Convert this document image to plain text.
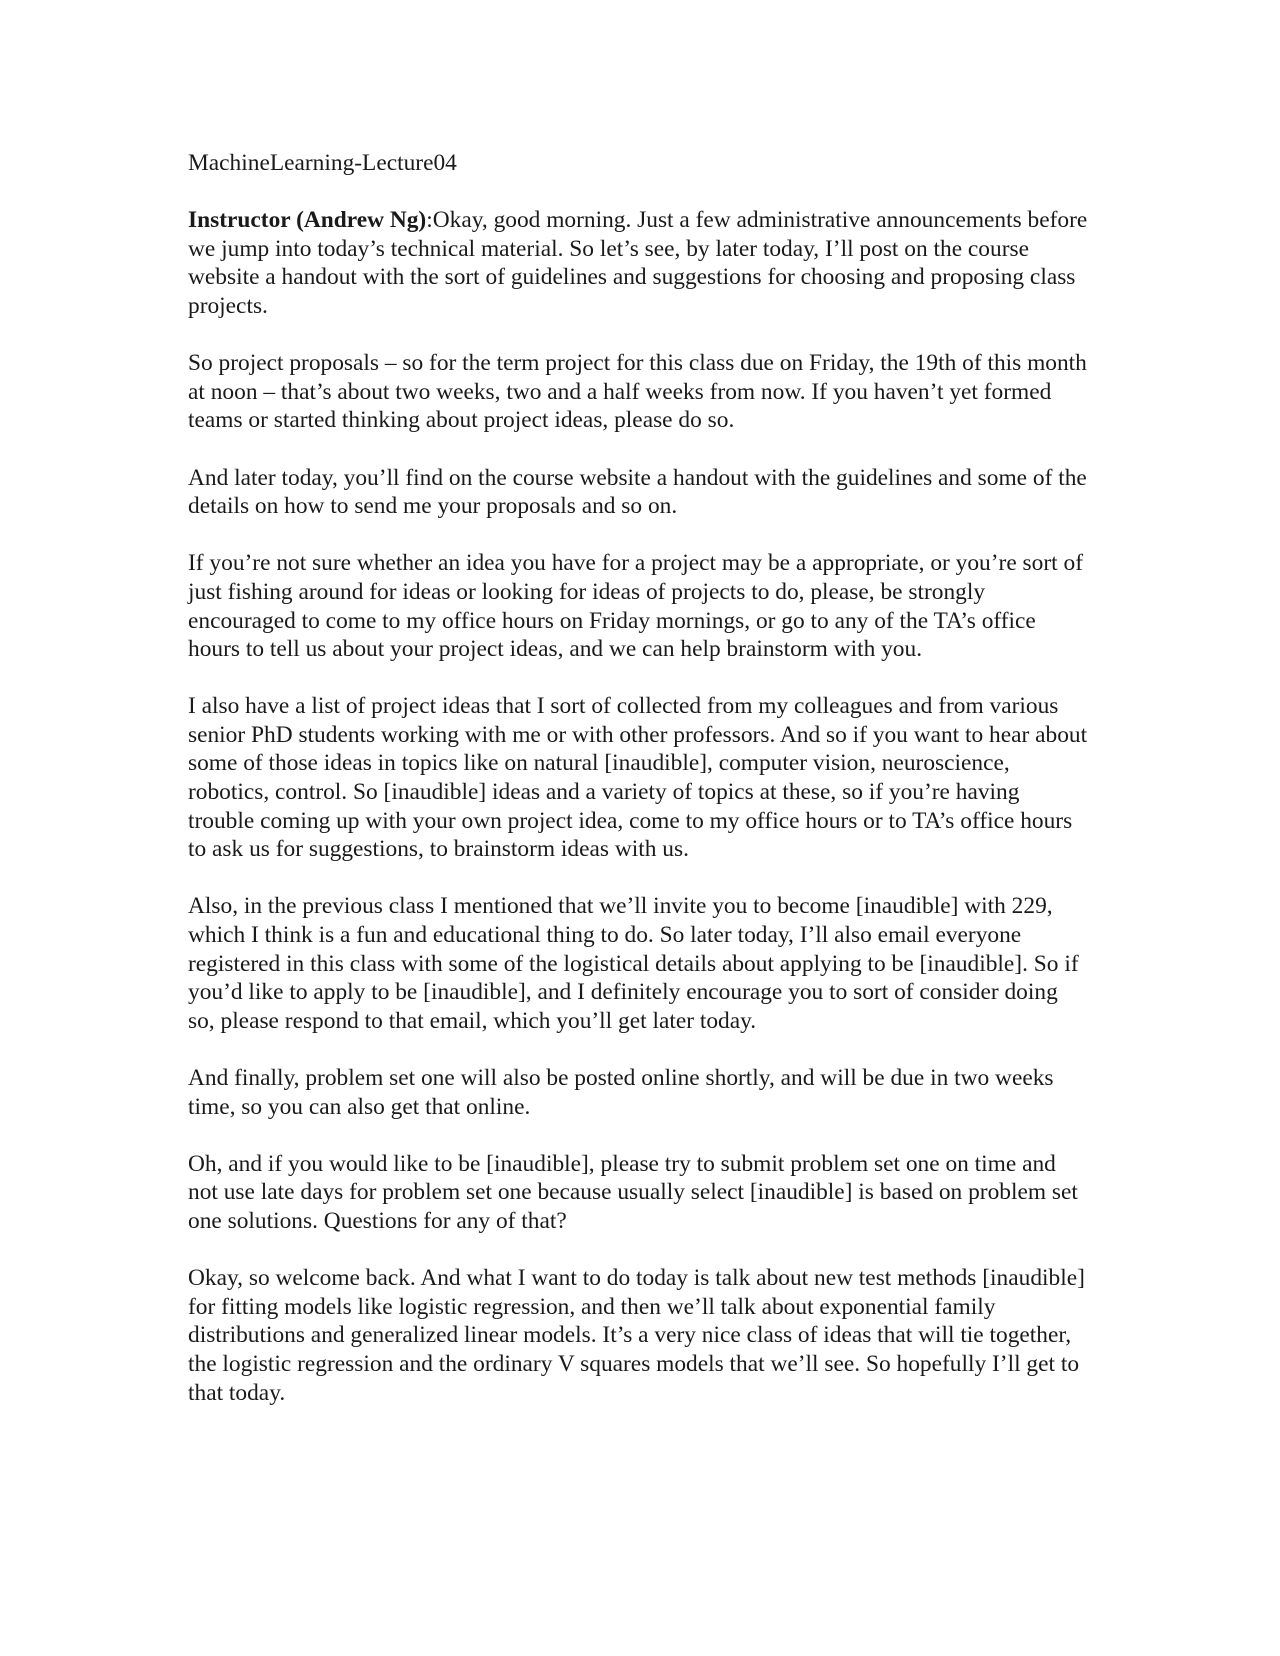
MachineLearning-Lecture04

Instructor (Andrew Ng):Okay, good morning. Just a few administrative announcements before we jump into today’s technical material. So let’s see, by later today, I’ll post on the course website a handout with the sort of guidelines and suggestions for choosing and proposing class projects.

So project proposals – so for the term project for this class due on Friday, the 19th of this month at noon – that’s about two weeks, two and a half weeks from now. If you haven’t yet formed teams or started thinking about project ideas, please do so.

And later today, you’ll find on the course website a handout with the guidelines and some of the details on how to send me your proposals and so on.

If you’re not sure whether an idea you have for a project may be a appropriate, or you’re sort of just fishing around for ideas or looking for ideas of projects to do, please, be strongly encouraged to come to my office hours on Friday mornings, or go to any of the TA’s office hours to tell us about your project ideas, and we can help brainstorm with you.

I also have a list of project ideas that I sort of collected from my colleagues and from various senior PhD students working with me or with other professors. And so if you want to hear about some of those ideas in topics like on natural [inaudible], computer vision, neuroscience, robotics, control. So [inaudible] ideas and a variety of topics at these, so if you’re having trouble coming up with your own project idea, come to my office hours or to TA’s office hours to ask us for suggestions, to brainstorm ideas with us.

Also, in the previous class I mentioned that we’ll invite you to become [inaudible] with 229, which I think is a fun and educational thing to do. So later today, I’ll also email everyone registered in this class with some of the logistical details about applying to be [inaudible]. So if you’d like to apply to be [inaudible], and I definitely encourage you to sort of consider doing so, please respond to that email, which you’ll get later today.

And finally, problem set one will also be posted online shortly, and will be due in two weeks time, so you can also get that online.

Oh, and if you would like to be [inaudible], please try to submit problem set one on time and not use late days for problem set one because usually select [inaudible] is based on problem set one solutions. Questions for any of that?

Okay, so welcome back. And what I want to do today is talk about new test methods [inaudible] for fitting models like logistic regression, and then we’ll talk about exponential family distributions and generalized linear models. It’s a very nice class of ideas that will tie together, the logistic regression and the ordinary V squares models that we’ll see. So hopefully I’ll get to that today.
